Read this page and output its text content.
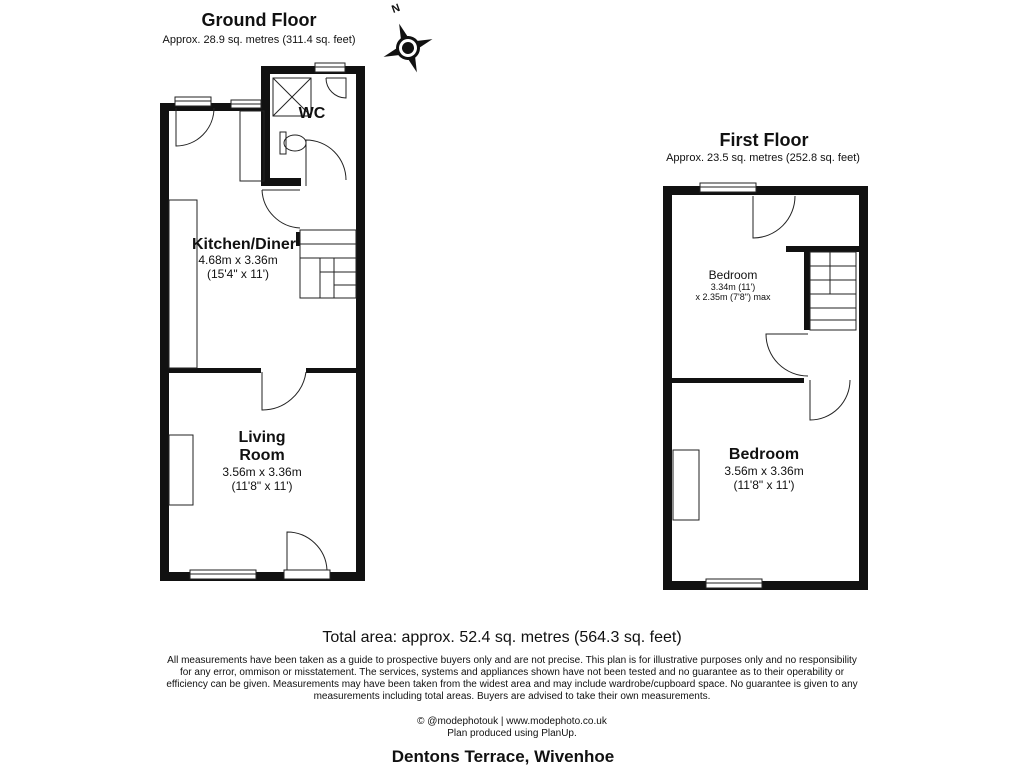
N
Ground Floor
Approx. 28.9 sq. metres (311.4 sq. feet)
WC
Kitchen/Diner
4.68m x 3.36m
(15'4" x 11')
Living
Room
3.56m x 3.36m
(11'8" x 11')
First Floor
Approx. 23.5 sq. metres (252.8 sq. feet)
Bedroom
3.34m (11')
x 2.35m (7'8") max
Bedroom
3.56m x 3.36m
(11'8" x 11')
Total area: approx. 52.4 sq. metres (564.3 sq. feet)
All measurements have been taken as a guide to prospective buyers only and are not precise. This plan is for illustrative purposes only and no responsibility for any error, ommison or misstatement. The services, systems and appliances shown have not been tested and no guarantee as to their operability or efficiency can be given. Measurements may have been taken from the widest area and may include wardrobe/cupboard space. No guarantee is given to any measurements including total areas. Buyers are advised to take their own measurements.
© @modephotouk | www.modephoto.co.uk
Plan produced using PlanUp.
Dentons Terrace, Wivenhoe
